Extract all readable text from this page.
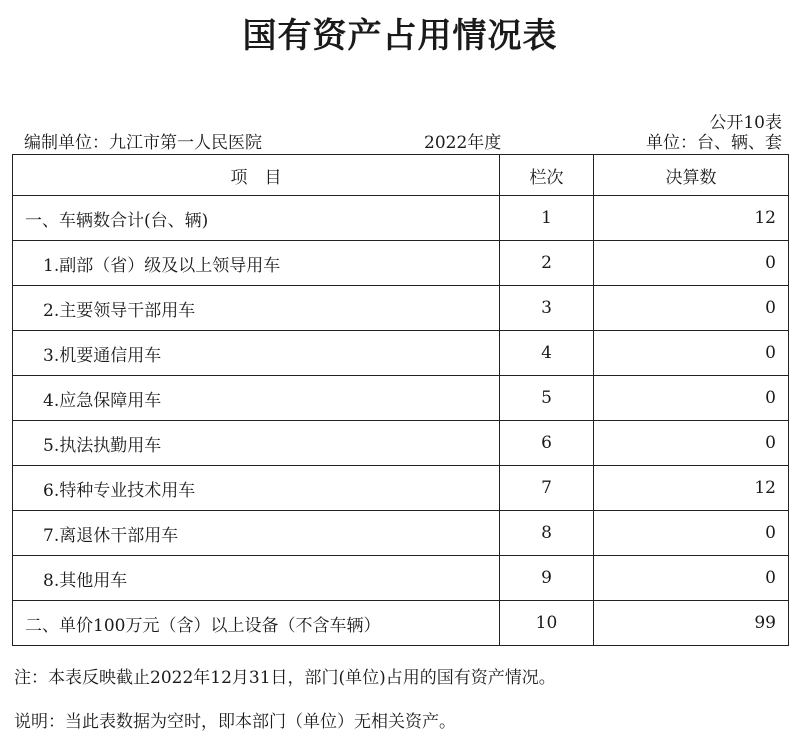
国有资产占用情况表
公开10表
编制单位：九江市第一人民医院	2022年度	单位：台、辆、套
项　目	栏次	决算数
一、车辆数合计(台、辆)	1	12
1.副部（省）级及以上领导用车	2	0
2.主要领导干部用车	3	0
3.机要通信用车	4	0
4.应急保障用车	5	0
5.执法执勤用车	6	0
6.特种专业技术用车	7	12
7.离退休干部用车	8	0
8.其他用车	9	0
二、单价100万元（含）以上设备（不含车辆）	10	99
注：本表反映截止2022年12月31日，部门(单位)占用的国有资产情况。
说明：当此表数据为空时，即本部门（单位）无相关资产。
